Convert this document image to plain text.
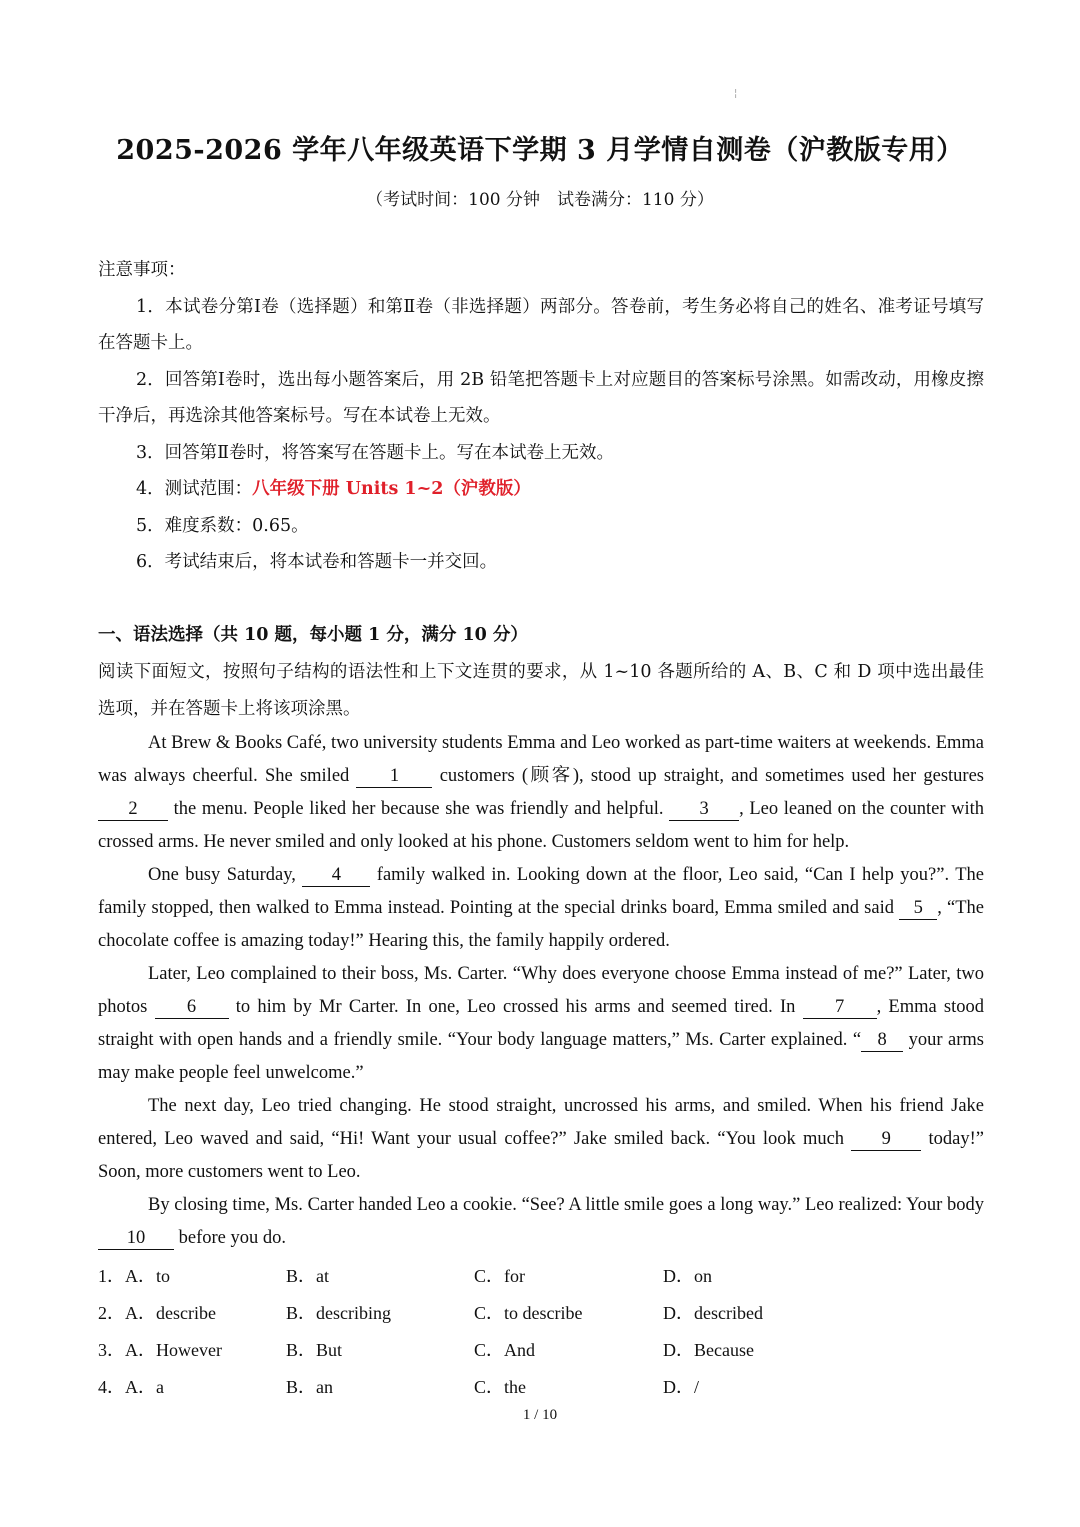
¦
2025-2026 学年八年级英语下学期 3 月学情自测卷（沪教版专用）
（考试时间：100 分钟　试卷满分：110 分）
注意事项：
1．本试卷分第Ⅰ卷（选择题）和第Ⅱ卷（非选择题）两部分。答卷前，考生务必将自己的姓名、准考证号填写在答题卡上。
2．回答第Ⅰ卷时，选出每小题答案后，用 2B 铅笔把答题卡上对应题目的答案标号涂黑。如需改动，用橡皮擦干净后，再选涂其他答案标号。写在本试卷上无效。
3．回答第Ⅱ卷时，将答案写在答题卡上。写在本试卷上无效。
4．测试范围：八年级下册 Units 1~2（沪教版）
5．难度系数：0.65。
6．考试结束后，将本试卷和答题卡一并交回。
一、语法选择（共 10 题，每小题 1 分，满分 10 分）
阅读下面短文，按照句子结构的语法性和上下文连贯的要求，从 1~10 各题所给的 A、B、C 和 D 项中选出最佳选项，并在答题卡上将该项涂黑。

At Brew & Books Café, two university students Emma and Leo worked as part-time waiters at weekends. Emma was always cheerful. She smiled 1 customers (顾客), stood up straight, and sometimes used her gestures 2 the menu. People liked her because she was friendly and helpful. 3 , Leo leaned on the counter with crossed arms. He never smiled and only looked at his phone. Customers seldom went to him for help.

One busy Saturday, 4 family walked in. Looking down at the floor, Leo said, “Can I help you?”. The family stopped, then walked to Emma instead. Pointing at the special drinks board, Emma smiled and said 5 , “The chocolate coffee is amazing today!” Hearing this, the family happily ordered.

Later, Leo complained to their boss, Ms. Carter. “Why does everyone choose Emma instead of me?” Later, two photos 6 to him by Mr Carter. In one, Leo crossed his arms and seemed tired. In 7 , Emma stood straight with open hands and a friendly smile. “Your body language matters,” Ms. Carter explained. “ 8 your arms may make people feel unwelcome.”

The next day, Leo tried changing. He stood straight, uncrossed his arms, and smiled. When his friend Jake entered, Leo waved and said, “Hi! Want your usual coffee?” Jake smiled back. “You look much 9 today!” Soon, more customers went to Leo.

By closing time, Ms. Carter handed Leo a cookie. “See? A little smile goes a long way.” Leo realized: Your body 10 before you do.

1．A．to	B．at	C．for	D．on
2．A．describe	B．describing	C．to describe	D．described
3．A．However	B．But	C．And	D．Because
4．A．a	B．an	C．the	D．/
1 / 10
